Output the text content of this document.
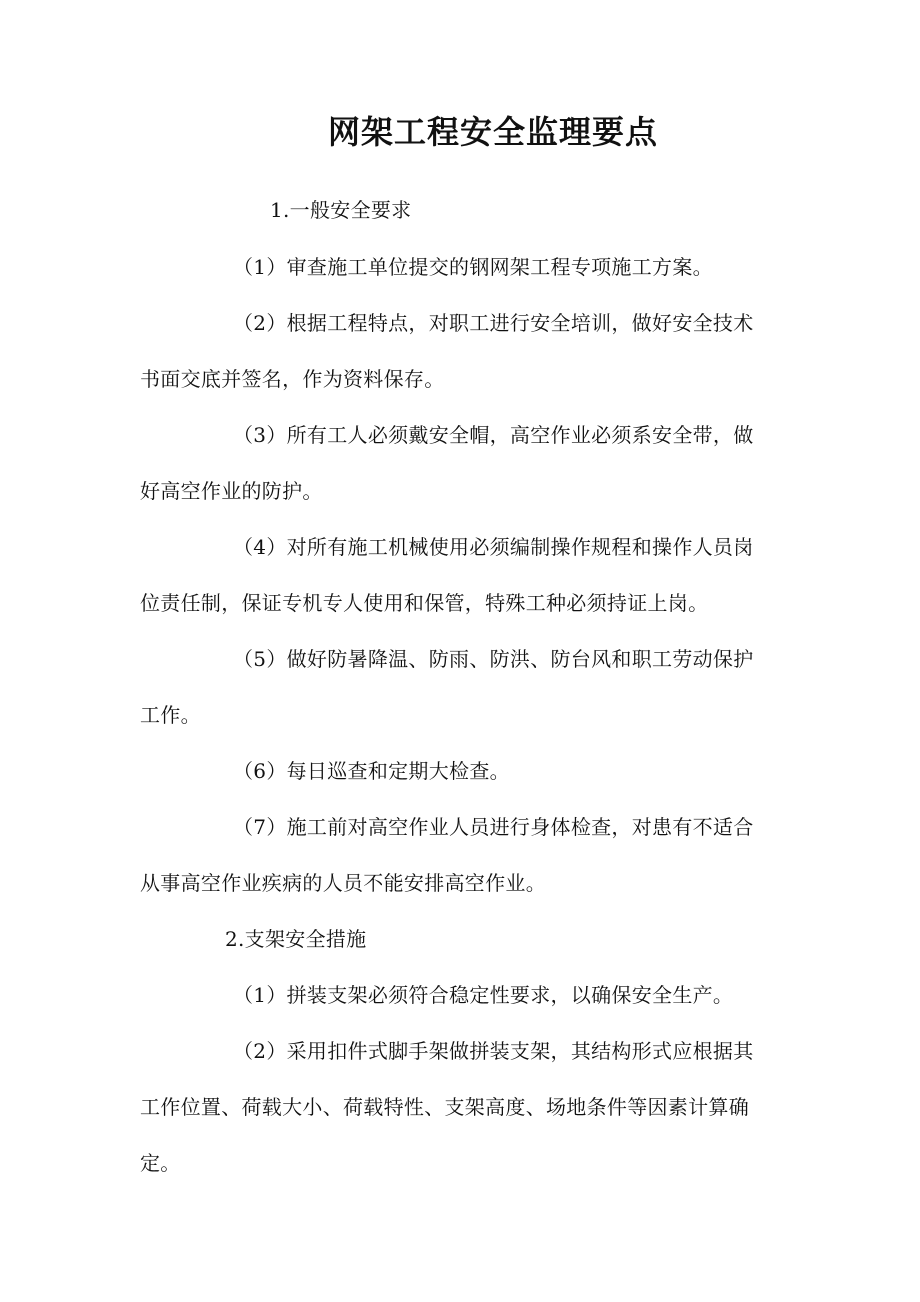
网架工程安全监理要点
1.一般安全要求
（1）审查施工单位提交的钢网架工程专项施工方案。
（2）根据工程特点，对职工进行安全培训，做好安全技术
书面交底并签名，作为资料保存。
（3）所有工人必须戴安全帽，高空作业必须系安全带，做
好高空作业的防护。
（4）对所有施工机械使用必须编制操作规程和操作人员岗
位责任制，保证专机专人使用和保管，特殊工种必须持证上岗。
（5）做好防暑降温、防雨、防洪、防台风和职工劳动保护
工作。
（6）每日巡查和定期大检查。
（7）施工前对高空作业人员进行身体检查，对患有不适合
从事高空作业疾病的人员不能安排高空作业。
2.支架安全措施
（1）拼装支架必须符合稳定性要求，以确保安全生产。
（2）采用扣件式脚手架做拼装支架，其结构形式应根据其
工作位置、荷载大小、荷载特性、支架高度、场地条件等因素计算确
定。
